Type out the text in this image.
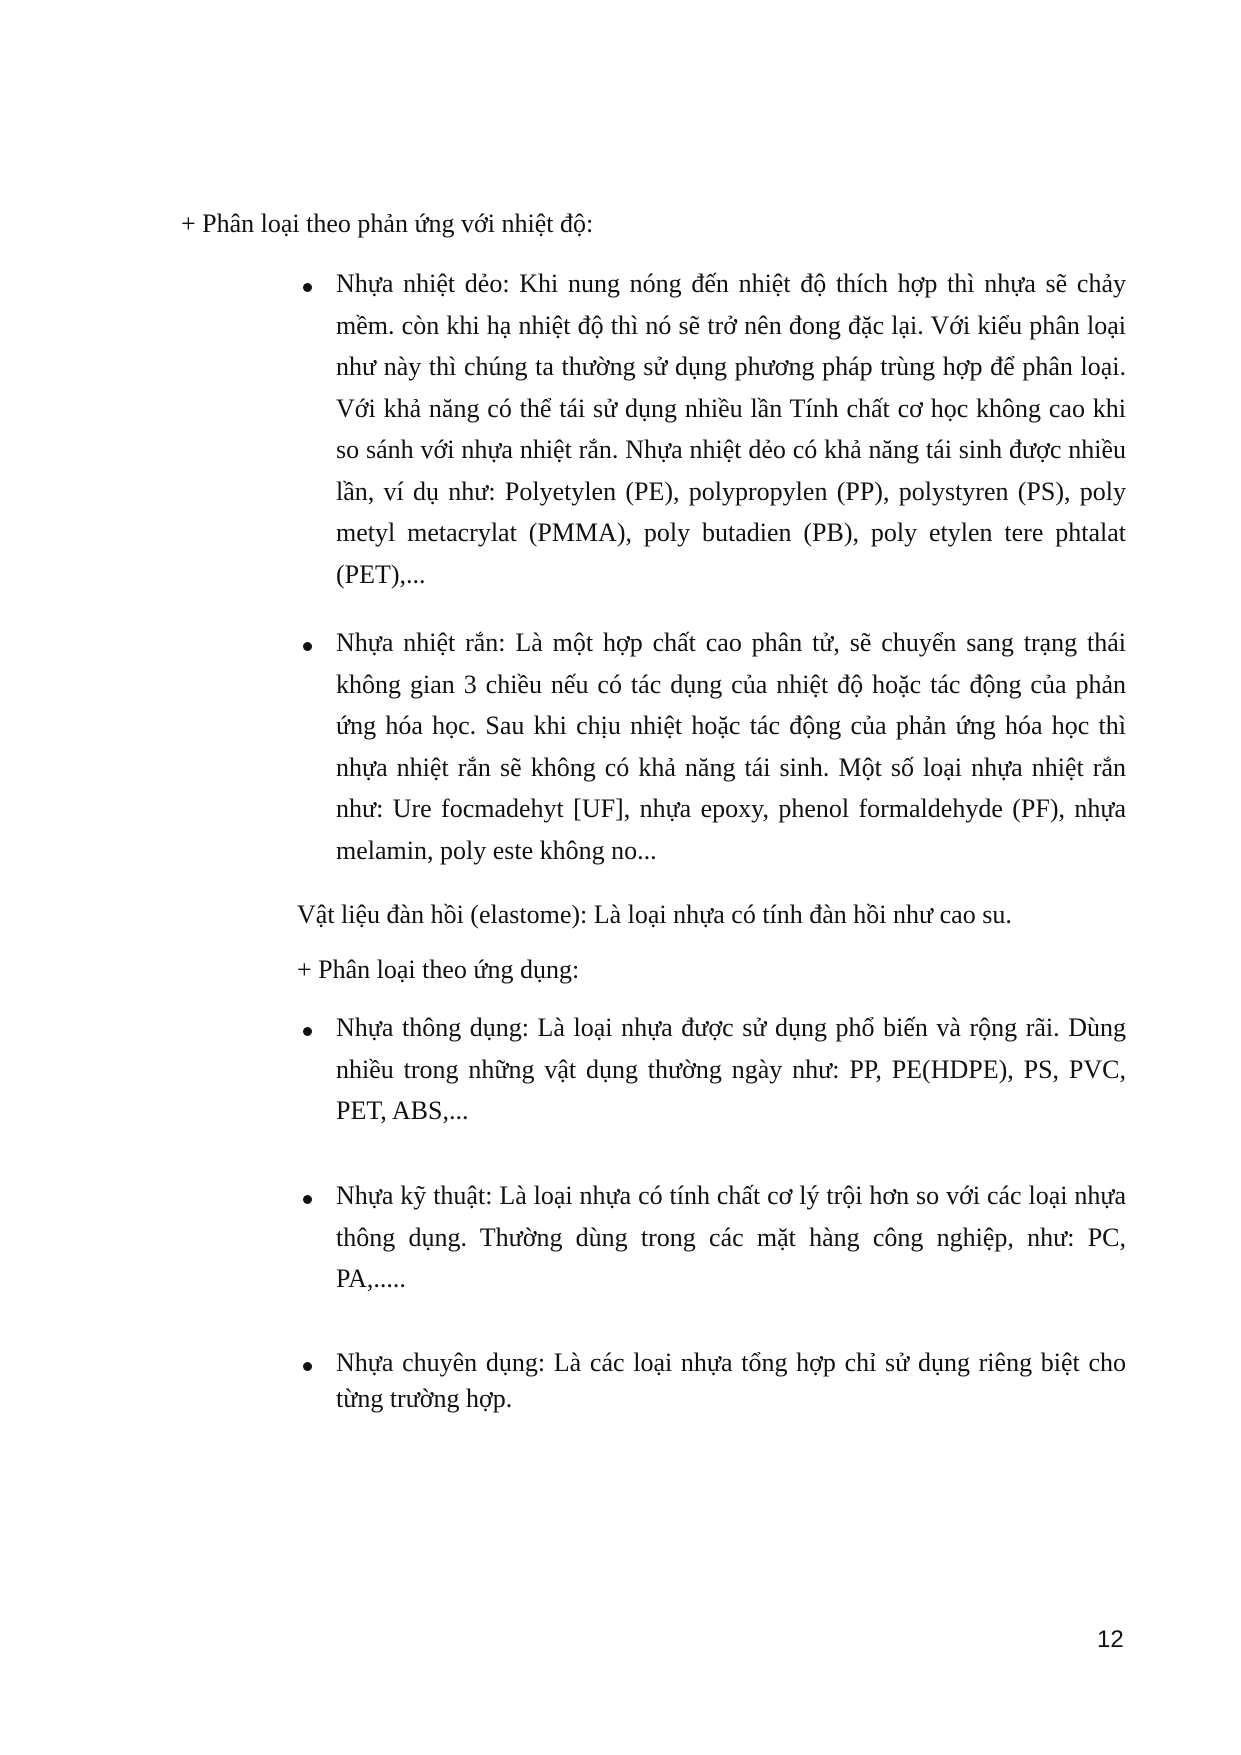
+ Phân loại theo phản ứng với nhiệt độ:
Nhựa nhiệt dẻo: Khi nung nóng đến nhiệt độ thích hợp thì nhựa sẽ chảy mềm. còn khi hạ nhiệt độ thì nó sẽ trở nên đong đặc lại. Với kiểu phân loại như này thì chúng ta thường sử dụng phương pháp trùng hợp để phân loại. Với khả năng có thể tái sử dụng nhiều lần Tính chất cơ học không cao khi so sánh với nhựa nhiệt rắn. Nhựa nhiệt dẻo có khả năng tái sinh được nhiều lần, ví dụ như: Polyetylen (PE), polypropylen (PP), polystyren (PS), poly metyl metacrylat (PMMA), poly butadien (PB), poly etylen tere phtalat (PET),...
Nhựa nhiệt rắn: Là một hợp chất cao phân tử, sẽ chuyển sang trạng thái không gian 3 chiều nếu có tác dụng của nhiệt độ hoặc tác động của phản ứng hóa học. Sau khi chịu nhiệt hoặc tác động của phản ứng hóa học thì nhựa nhiệt rắn sẽ không có khả năng tái sinh. Một số loại nhựa nhiệt rắn như: Ure focmadehyt [UF], nhựa epoxy, phenol formaldehyde (PF), nhựa melamin, poly este không no...
Vật liệu đàn hồi (elastome): Là loại nhựa có tính đàn hồi như cao su.
+ Phân loại theo ứng dụng:
Nhựa thông dụng: Là loại nhựa được sử dụng phổ biến và rộng rãi. Dùng nhiều trong những vật dụng thường ngày như: PP, PE(HDPE), PS, PVC, PET, ABS,...
Nhựa kỹ thuật: Là loại nhựa có tính chất cơ lý trội hơn so với các loại nhựa thông dụng. Thường dùng trong các mặt hàng công nghiệp, như: PC, PA,.....
Nhựa chuyên dụng: Là các loại nhựa tổng hợp chỉ sử dụng riêng biệt cho từng trường hợp.
12
